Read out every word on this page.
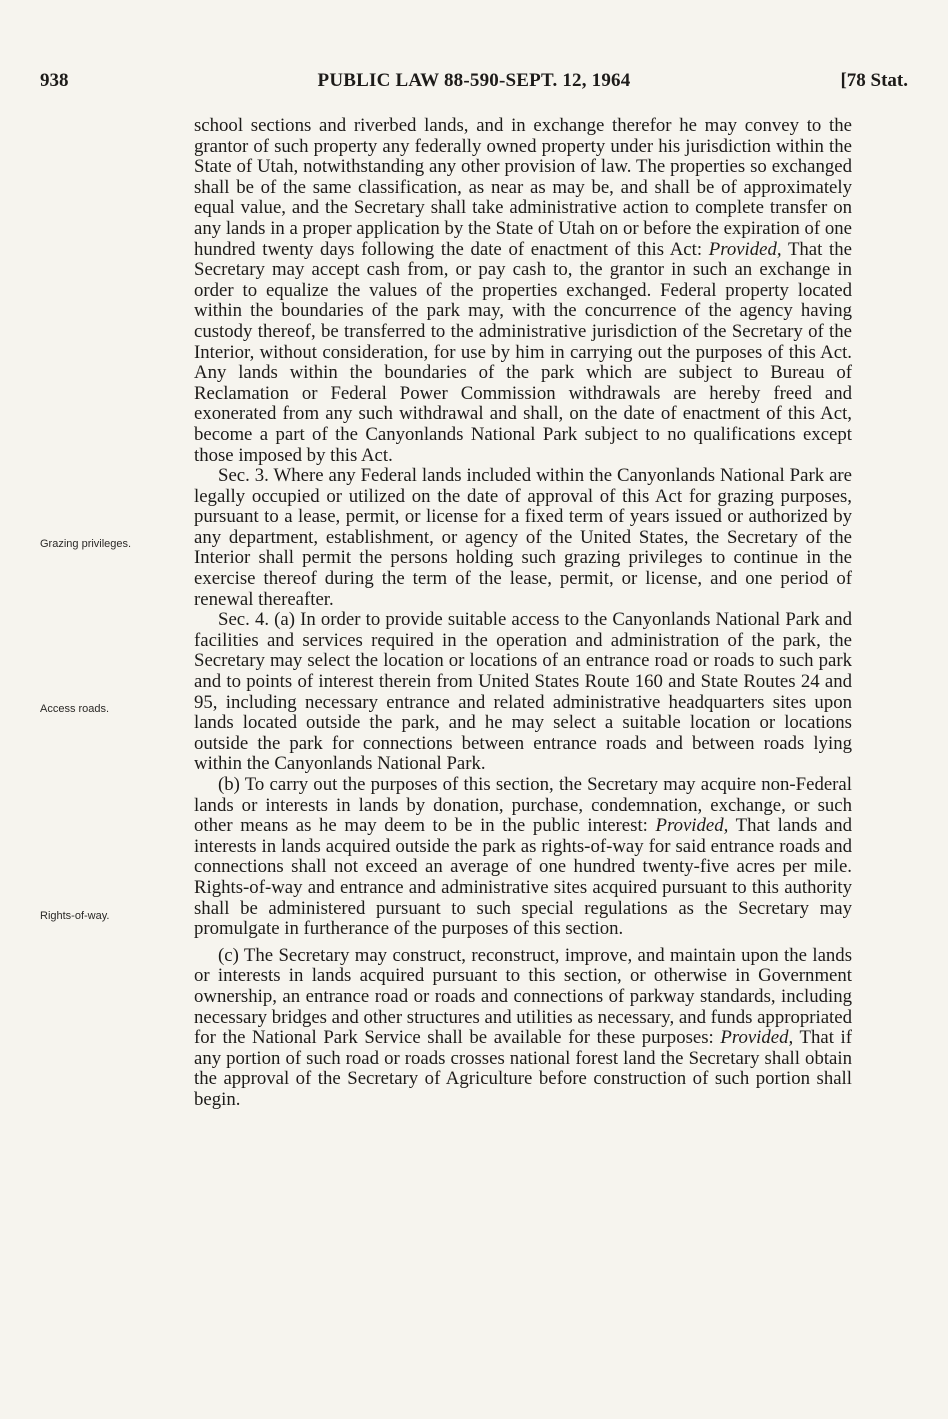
938	PUBLIC LAW 88-590-SEPT. 12, 1964	[78 Stat.
Grazing privileges.
Access roads.
Rights-of-way.

school sections and riverbed lands, and in exchange therefor he may convey to the grantor of such property any federally owned property under his jurisdiction within the State of Utah, notwithstanding any other provision of law. The properties so exchanged shall be of the same classification, as near as may be, and shall be of approximately equal value, and the Secretary shall take administrative action to complete transfer on any lands in a proper application by the State of Utah on or before the expiration of one hundred twenty days following the date of enactment of this Act: Provided, That the Secretary may accept cash from, or pay cash to, the grantor in such an exchange in order to equalize the values of the properties exchanged. Federal property located within the boundaries of the park may, with the concurrence of the agency having custody thereof, be transferred to the administrative jurisdiction of the Secretary of the Interior, without consideration, for use by him in carrying out the purposes of this Act. Any lands within the boundaries of the park which are subject to Bureau of Reclamation or Federal Power Commission withdrawals are hereby freed and exonerated from any such withdrawal and shall, on the date of enactment of this Act, become a part of the Canyonlands National Park subject to no qualifications except those imposed by this Act.

Sec. 3. Where any Federal lands included within the Canyonlands National Park are legally occupied or utilized on the date of approval of this Act for grazing purposes, pursuant to a lease, permit, or license for a fixed term of years issued or authorized by any department, establishment, or agency of the United States, the Secretary of the Interior shall permit the persons holding such grazing privileges to continue in the exercise thereof during the term of the lease, permit, or license, and one period of renewal thereafter.

Sec. 4. (a) In order to provide suitable access to the Canyonlands National Park and facilities and services required in the operation and administration of the park, the Secretary may select the location or locations of an entrance road or roads to such park and to points of interest therein from United States Route 160 and State Routes 24 and 95, including necessary entrance and related administrative headquarters sites upon lands located outside the park, and he may select a suitable location or locations outside the park for connections between entrance roads and between roads lying within the Canyonlands National Park.

(b) To carry out the purposes of this section, the Secretary may acquire non-Federal lands or interests in lands by donation, purchase, condemnation, exchange, or such other means as he may deem to be in the public interest: Provided, That lands and interests in lands acquired outside the park as rights-of-way for said entrance roads and connections shall not exceed an average of one hundred twenty-five acres per mile. Rights-of-way and entrance and administrative sites acquired pursuant to this authority shall be administered pursuant to such special regulations as the Secretary may promulgate in furtherance of the purposes of this section.

(c) The Secretary may construct, reconstruct, improve, and maintain upon the lands or interests in lands acquired pursuant to this section, or otherwise in Government ownership, an entrance road or roads and connections of parkway standards, including necessary bridges and other structures and utilities as necessary, and funds appropriated for the National Park Service shall be available for these purposes: Provided, That if any portion of such road or roads crosses national forest land the Secretary shall obtain the approval of the Secretary of Agriculture before construction of such portion shall begin.
